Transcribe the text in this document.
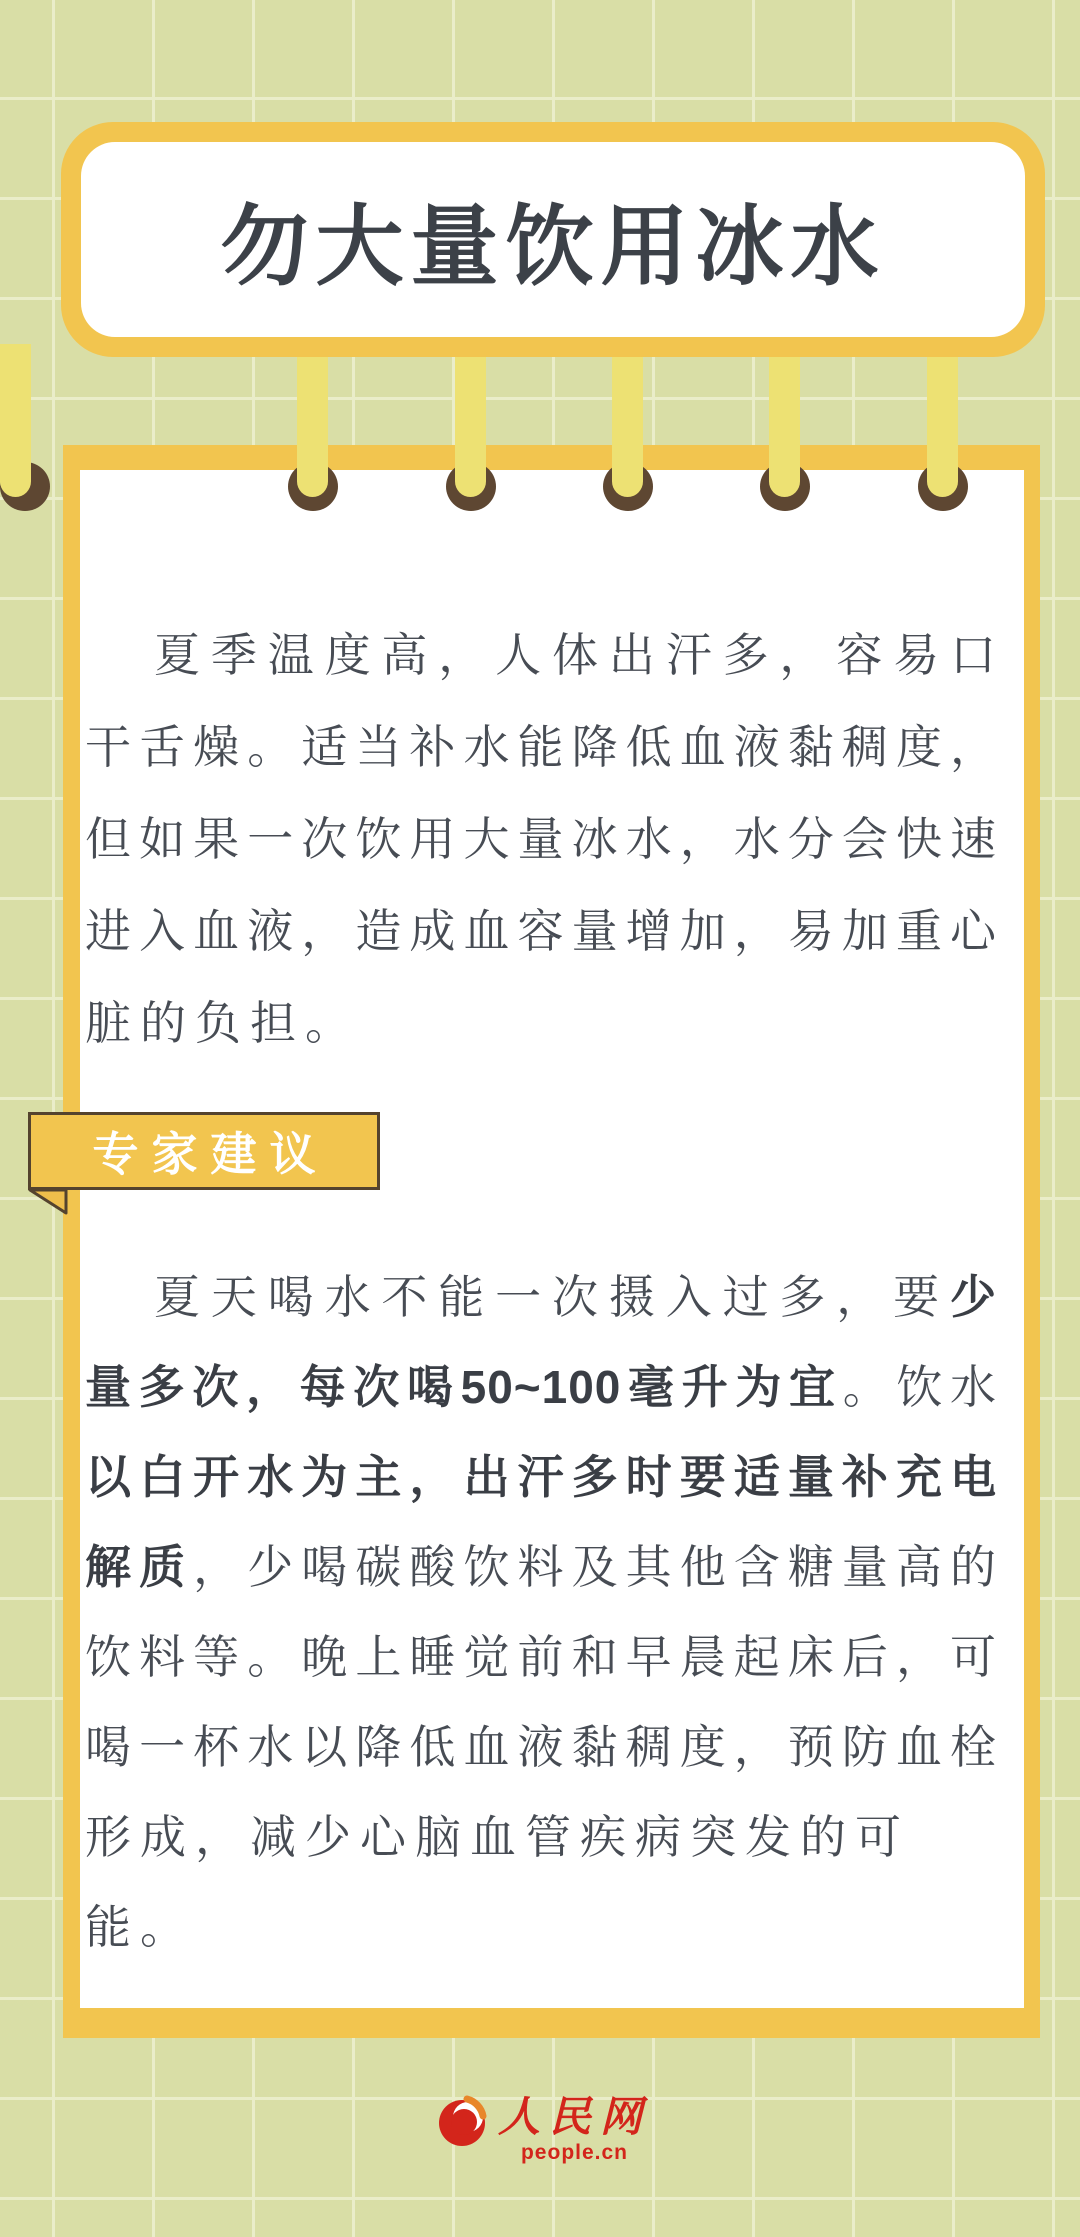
勿大量饮用冰水
夏季温度高，人体出汗多，容易口
干舌燥。适当补水能降低血液黏稠度，
但如果一次饮用大量冰水，水分会快速
进入血液，造成血容量增加，易加重心
脏的负担。
专家建议
夏天喝水不能一次摄入过多，要少
量多次，每次喝50~100毫升为宜。饮水
以白开水为主，出汗多时要适量补充电
解质，少喝碳酸饮料及其他含糖量高的
饮料等。晚上睡觉前和早晨起床后，可
喝一杯水以降低血液黏稠度，预防血栓
形成，减少心脑血管疾病突发的可能。
人民网
people.cn
